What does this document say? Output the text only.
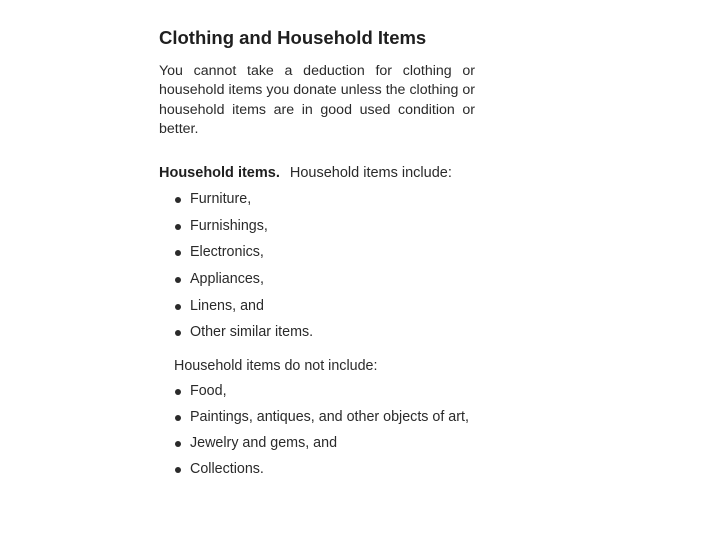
Clothing and Household Items

You cannot take a deduction for clothing or household items you donate unless the clothing or household items are in good used condition or better.

Household items. Household items include:
Furniture,
Furnishings,
Electronics,
Appliances,
Linens, and
Other similar items.
Household items do not include:
Food,
Paintings, antiques, and other objects of art,
Jewelry and gems, and
Collections.
